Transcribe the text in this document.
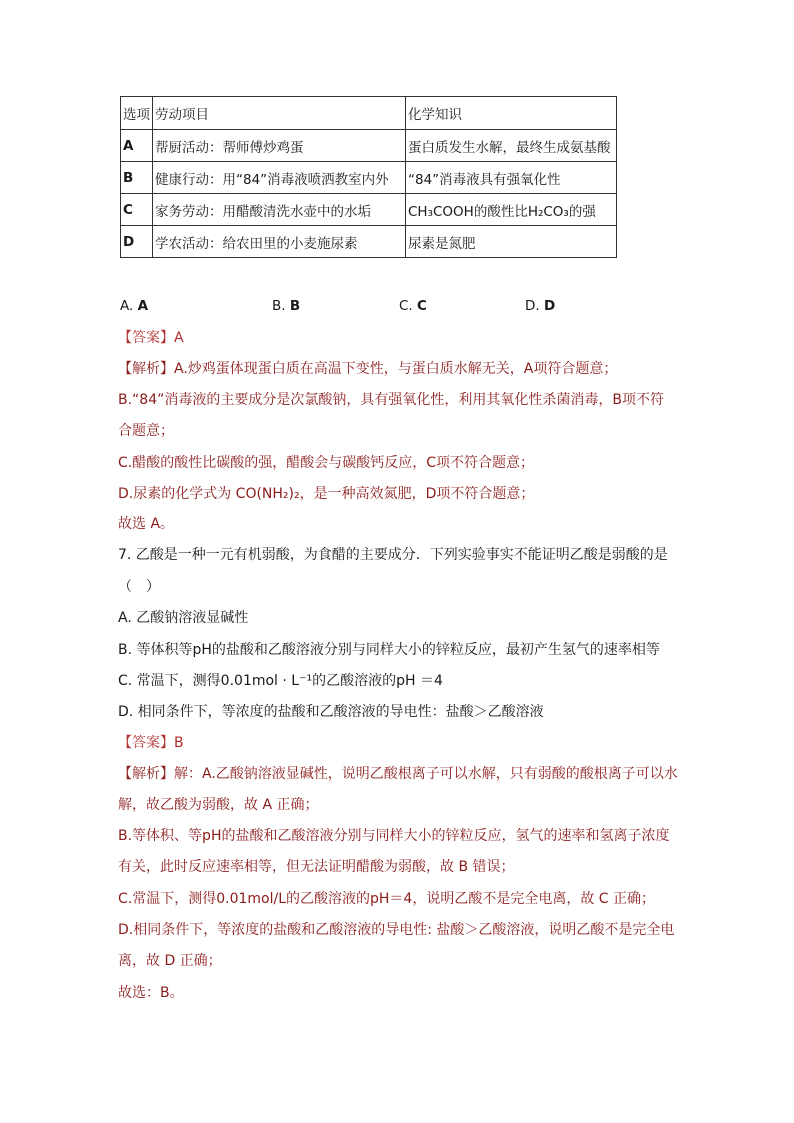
选项	劳动项目	化学知识
A	帮厨活动：帮师傅炒鸡蛋	蛋白质发生水解，最终生成氨基酸
B	健康行动：用“84”消毒液喷洒教室内外	“84”消毒液具有强氧化性
C	家务劳动：用醋酸清洗水壶中的水垢	CH₃COOH的酸性比H₂CO₃的强
D	学农活动：给农田里的小麦施尿素	尿素是氮肥
A. A	B. B	C. C	D. D
【答案】A
【解析】A.炒鸡蛋体现蛋白质在高温下变性，与蛋白质水解无关，A项符合题意；
B.“84”消毒液的主要成分是次氯酸钠，具有强氧化性，利用其氧化性杀菌消毒，B项不符
合题意；
C.醋酸的酸性比碳酸的强，醋酸会与碳酸钙反应，C项不符合题意；
D.尿素的化学式为 CO(NH₂)₂，是一种高效氮肥，D项不符合题意；
故选 A。
7. 乙酸是一种一元有机弱酸，为食醋的主要成分．下列实验事实不能证明乙酸是弱酸的是
（　）
A. 乙酸钠溶液显碱性
B. 等体积等pH的盐酸和乙酸溶液分别与同样大小的锌粒反应，最初产生氢气的速率相等
C. 常温下，测得0.01mol · L⁻¹的乙酸溶液的pH ＝4
D. 相同条件下，等浓度的盐酸和乙酸溶液的导电性：盐酸＞乙酸溶液
【答案】B
【解析】解：A.乙酸钠溶液显碱性，说明乙酸根离子可以水解，只有弱酸的酸根离子可以水
解，故乙酸为弱酸，故 A 正确；
B.等体积、等pH的盐酸和乙酸溶液分别与同样大小的锌粒反应，氢气的速率和氢离子浓度
有关，此时反应速率相等，但无法证明醋酸为弱酸，故 B 错误；
C.常温下，测得0.01mol/L的乙酸溶液的pH＝4，说明乙酸不是完全电离，故 C 正确；
D.相同条件下，等浓度的盐酸和乙酸溶液的导电性: 盐酸＞乙酸溶液，说明乙酸不是完全电
离，故 D 正确；
故选：B。
